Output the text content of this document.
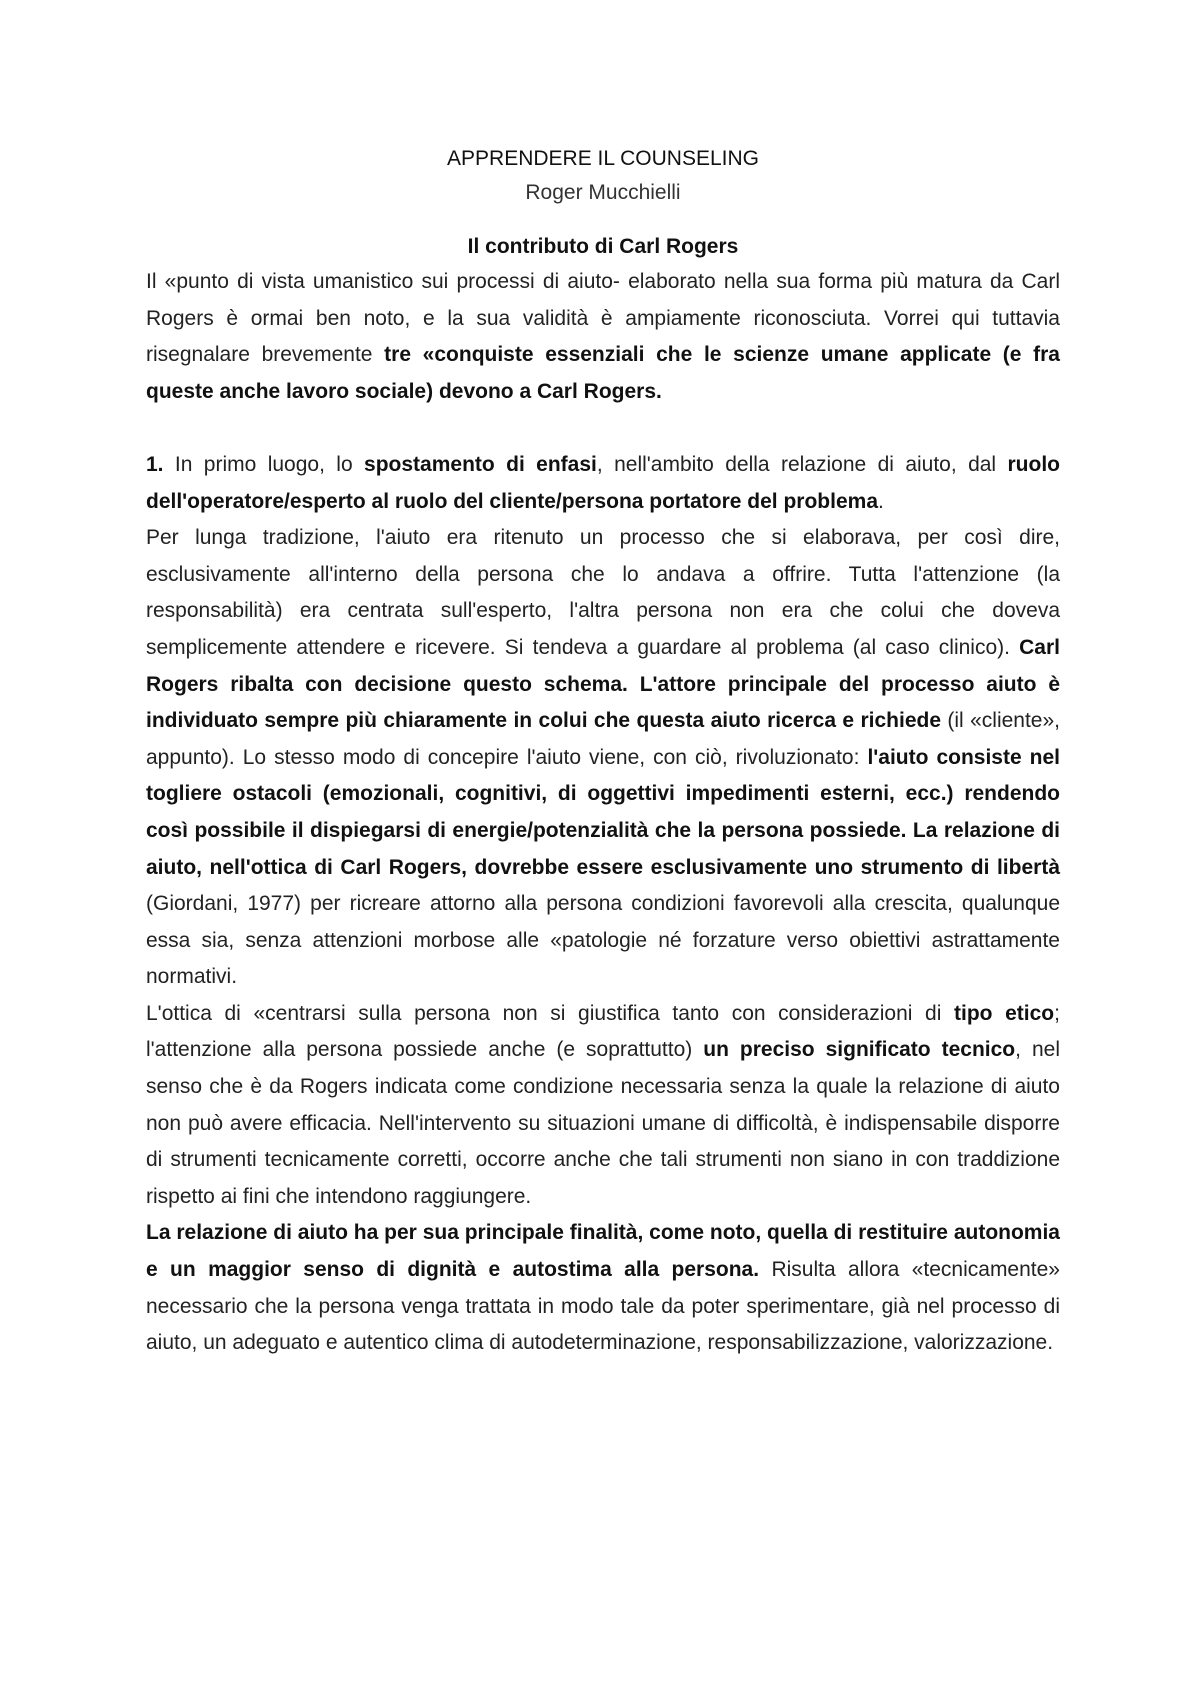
APPRENDERE IL COUNSELING

Roger Mucchielli

Il contributo di Carl Rogers

Il «punto di vista umanistico sui processi di aiuto- elaborato nella sua forma più matura da Carl Rogers è ormai ben noto, e la sua validità è ampiamente riconosciuta. Vorrei qui tuttavia risegnalare brevemente tre «conquiste essenziali che le scienze umane applicate (e fra queste anche lavoro sociale) devono a Carl Rogers.

1. In primo luogo, lo spostamento di enfasi, nell'ambito della relazione di aiuto, dal ruolo dell'operatore/esperto al ruolo del cliente/persona portatore del problema.

Per lunga tradizione, l'aiuto era ritenuto un processo che si elaborava, per così dire, esclusivamente all'interno della persona che lo andava a offrire. Tutta l'attenzione (la responsabilità) era centrata sull'esperto, l'altra persona non era che colui che doveva semplicemente attendere e ricevere. Si tendeva a guardare al problema (al caso clinico). Carl Rogers ribalta con decisione questo schema. L'attore principale del processo aiuto è individuato sempre più chiaramente in colui che questa aiuto ricerca e richiede (il «cliente», appunto). Lo stesso modo di concepire l'aiuto viene, con ciò, rivoluzionato: l'aiuto consiste nel togliere ostacoli (emozionali, cognitivi, di oggettivi impedimenti esterni, ecc.) rendendo così possibile il dispiegarsi di energie/potenzialità che la persona possiede. La relazione di aiuto, nell'ottica di Carl Rogers, dovrebbe essere esclusivamente uno strumento di libertà (Giordani, 1977) per ricreare attorno alla persona condizioni favorevoli alla crescita, qualunque essa sia, senza attenzioni morbose alle «patologie né forzature verso obiettivi astrattamente normativi.

L'ottica di «centrarsi sulla persona non si giustifica tanto con considerazioni di tipo etico; l'attenzione alla persona possiede anche (e soprattutto) un preciso significato tecnico, nel senso che è da Rogers indicata come condizione necessaria senza la quale la relazione di aiuto non può avere efficacia. Nell'intervento su situazioni umane di difficoltà, è indispensabile disporre di strumenti tecnicamente corretti, occorre anche che tali strumenti non siano in con traddizione rispetto ai fini che intendono raggiungere.

La relazione di aiuto ha per sua principale finalità, come noto, quella di restituire autonomia e un maggior senso di dignità e autostima alla persona. Risulta allora «tecnicamente» necessario che la persona venga trattata in modo tale da poter sperimentare, già nel processo di aiuto, un adeguato e autentico clima di autodeterminazione, responsabilizzazione, valorizzazione.
